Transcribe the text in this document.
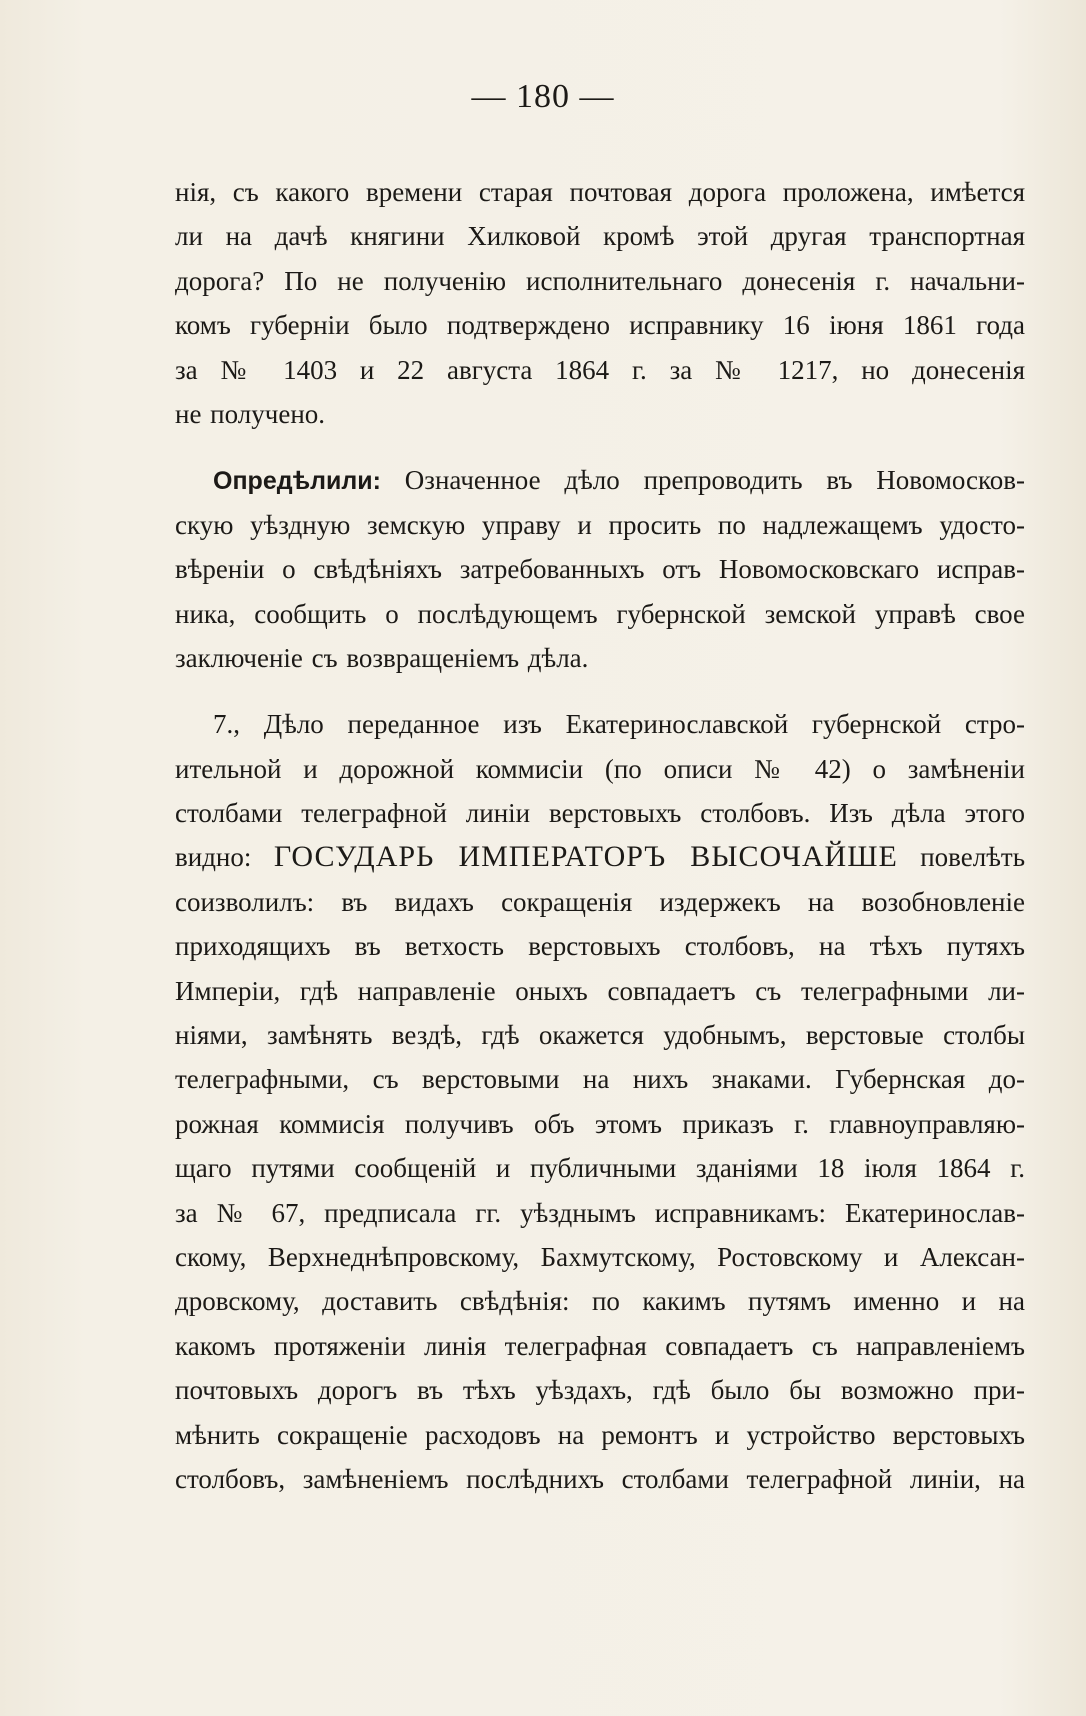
— 180 —
нія, съ какого времени старая почтовая дорога проложена, имѣется
ли на дачѣ княгини Хилковой кромѣ этой другая транспортная
дорога? По не полученію исполнительнаго донесенія г. начальни-
комъ губерніи было подтверждено исправнику 16 іюня 1861 года
за № 1403 и 22 августа 1864 г. за № 1217, но донесенія
не получено.
Опредѣлили: Означенное дѣло препроводить въ Новомосков-
скую уѣздную земскую управу и просить по надлежащемъ удосто-
вѣреніи о свѣдѣніяхъ затребованныхъ отъ Новомосковскаго исправ-
ника, сообщить о послѣдующемъ губернской земской управѣ свое
заключеніе съ возвращеніемъ дѣла.
7., Дѣло переданное изъ Екатеринославской губернской стро-
ительной и дорожной коммисіи (по описи № 42) о замѣненіи
столбами телеграфной линіи верстовыхъ столбовъ. Изъ дѣла этого
видно: ГОСУДАРЬ ИМПЕРАТОРЪ ВЫСОЧАЙШЕ повелѣть
соизволилъ: въ видахъ сокращенія издержекъ на возобновленіе
приходящихъ въ ветхость верстовыхъ столбовъ, на тѣхъ путяхъ
Имперіи, гдѣ направленіе оныхъ совпадаетъ съ телеграфными ли-
ніями, замѣнять вездѣ, гдѣ окажется удобнымъ, верстовые столбы
телеграфными, съ верстовыми на нихъ знаками. Губернская до-
рожная коммисія получивъ объ этомъ приказъ г. главноуправляю-
щаго путями сообщеній и публичными зданіями 18 іюля 1864 г.
за № 67, предписала гг. уѣзднымъ исправникамъ: Екатеринослав-
скому, Верхнеднѣпровскому, Бахмутскому, Ростовскому и Алексан-
дровскому, доставить свѣдѣнія: по какимъ путямъ именно и на
какомъ протяженіи линія телеграфная совпадаетъ съ направленіемъ
почтовыхъ дорогъ въ тѣхъ уѣздахъ, гдѣ было бы возможно при-
мѣнить сокращеніе расходовъ на ремонтъ и устройство верстовыхъ
столбовъ, замѣненіемъ послѣднихъ столбами телеграфной линіи, на
